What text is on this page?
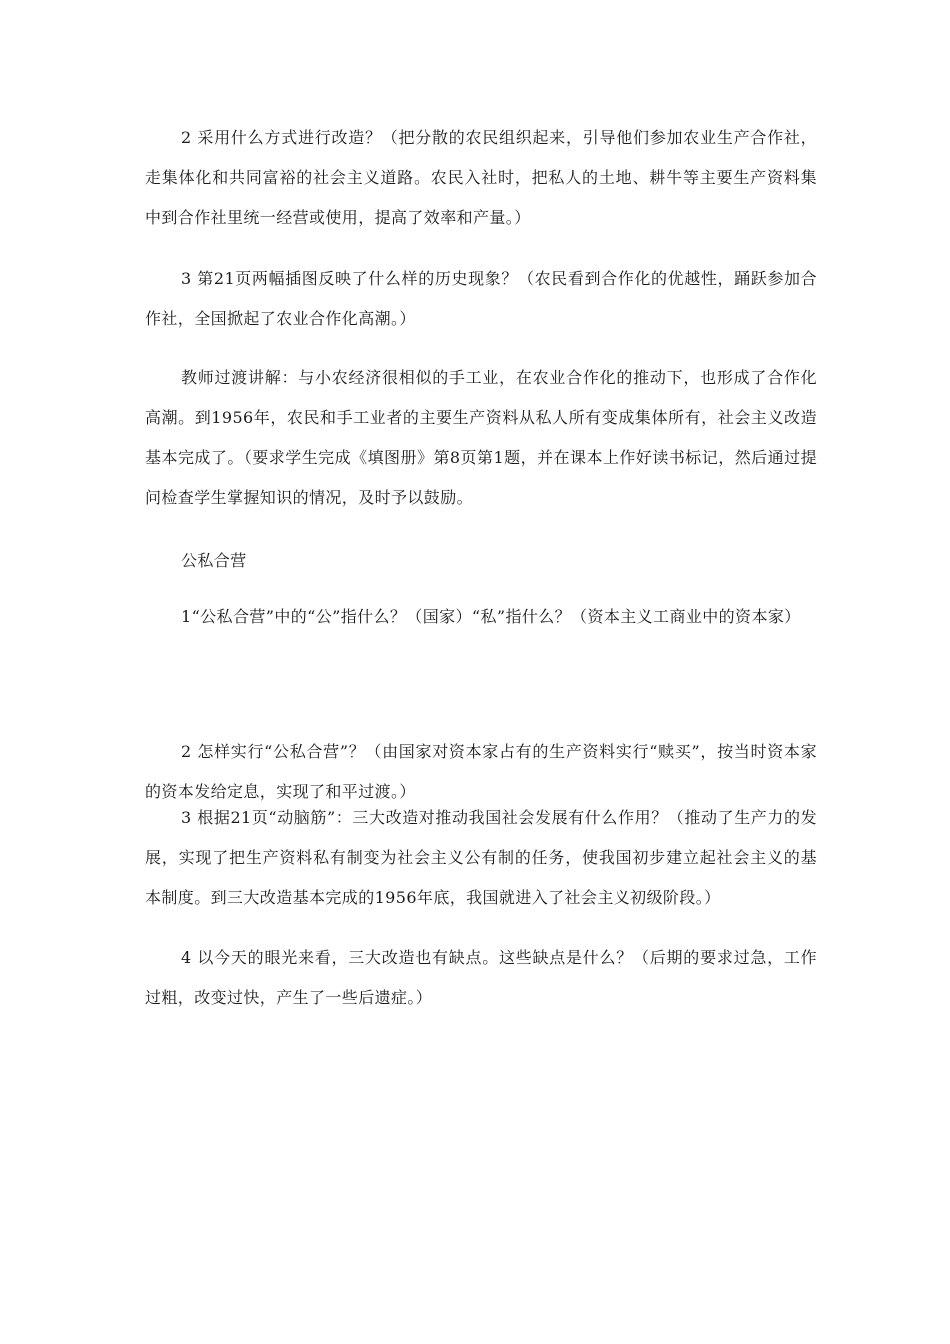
2 采用什么方式进行改造？（把分散的农民组织起来，引导他们参加农业生产合作社，走集体化和共同富裕的社会主义道路。农民入社时，把私人的土地、耕牛等主要生产资料集中到合作社里统一经营或使用，提高了效率和产量。）

3 第21页两幅插图反映了什么样的历史现象？（农民看到合作化的优越性，踊跃参加合作社，全国掀起了农业合作化高潮。）

教师过渡讲解：与小农经济很相似的手工业，在农业合作化的推动下，也形成了合作化高潮。到1956年，农民和手工业者的主要生产资料从私人所有变成集体所有，社会主义改造基本完成了。（要求学生完成《填图册》第8页第1题，并在课本上作好读书标记，然后通过提问检查学生掌握知识的情况，及时予以鼓励。

公私合营

1“公私合营”中的“公”指什么？（国家）“私”指什么？（资本主义工商业中的资本家）

2 怎样实行“公私合营”？（由国家对资本家占有的生产资料实行“赎买”，按当时资本家的资本发给定息，实现了和平过渡。）

3 根据21页“动脑筋”：三大改造对推动我国社会发展有什么作用？（推动了生产力的发展，实现了把生产资料私有制变为社会主义公有制的任务，使我国初步建立起社会主义的基本制度。到三大改造基本完成的1956年底，我国就进入了社会主义初级阶段。）

4 以今天的眼光来看，三大改造也有缺点。这些缺点是什么？（后期的要求过急，工作过粗，改变过快，产生了一些后遗症。）
